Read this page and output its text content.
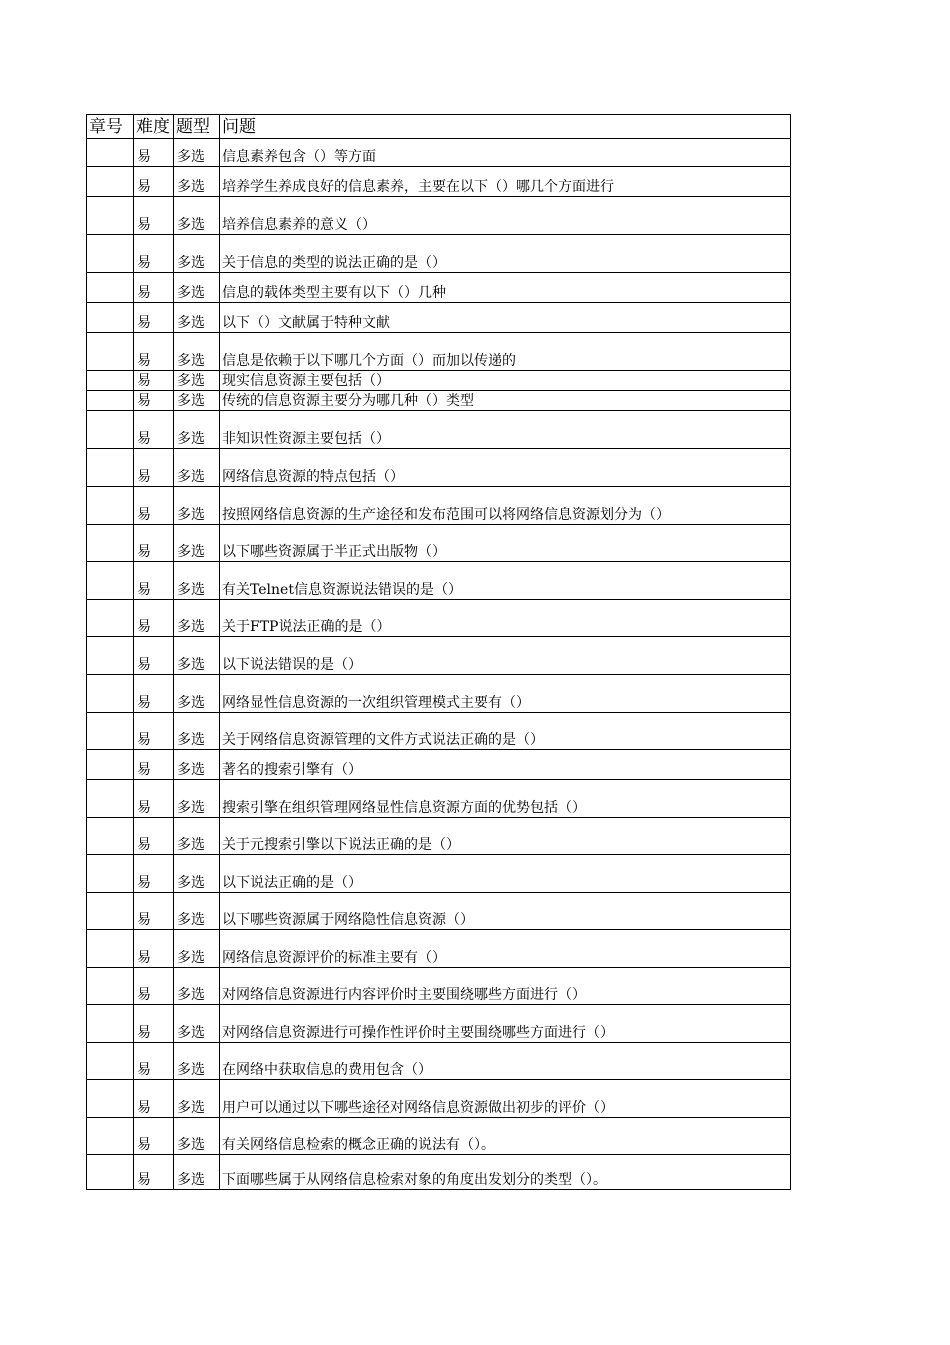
章号	难度	题型	问题
	易	多选	信息素养包含（）等方面
	易	多选	培养学生养成良好的信息素养，主要在以下（）哪几个方面进行
	易	多选	培养信息素养的意义（）
	易	多选	关于信息的类型的说法正确的是（）
	易	多选	信息的载体类型主要有以下（）几种
	易	多选	以下（）文献属于特种文献
	易	多选	信息是依赖于以下哪几个方面（）而加以传递的
	易	多选	现实信息资源主要包括（）
	易	多选	传统的信息资源主要分为哪几种（）类型
	易	多选	非知识性资源主要包括（）
	易	多选	网络信息资源的特点包括（）
	易	多选	按照网络信息资源的生产途径和发布范围可以将网络信息资源划分为（）
	易	多选	以下哪些资源属于半正式出版物（）
	易	多选	有关Telnet信息资源说法错误的是（）
	易	多选	关于FTP说法正确的是（）
	易	多选	以下说法错误的是（）
	易	多选	网络显性信息资源的一次组织管理模式主要有（）
	易	多选	关于网络信息资源管理的文件方式说法正确的是（）
	易	多选	著名的搜索引擎有（）
	易	多选	搜索引擎在组织管理网络显性信息资源方面的优势包括（）
	易	多选	关于元搜索引擎以下说法正确的是（）
	易	多选	以下说法正确的是（）
	易	多选	以下哪些资源属于网络隐性信息资源（）
	易	多选	网络信息资源评价的标准主要有（）
	易	多选	对网络信息资源进行内容评价时主要围绕哪些方面进行（）
	易	多选	对网络信息资源进行可操作性评价时主要围绕哪些方面进行（）
	易	多选	在网络中获取信息的费用包含（）
	易	多选	用户可以通过以下哪些途径对网络信息资源做出初步的评价（）
	易	多选	有关网络信息检索的概念正确的说法有（）。
	易	多选	下面哪些属于从网络信息检索对象的角度出发划分的类型（）。
